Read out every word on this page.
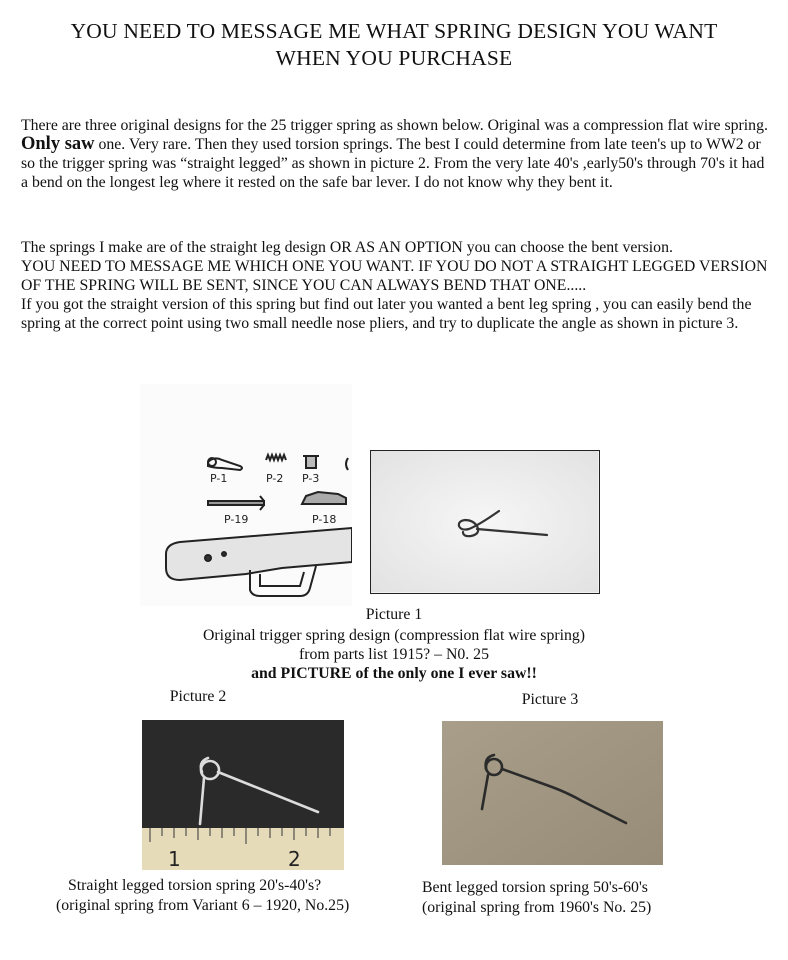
YOU NEED TO MESSAGE ME WHAT SPRING DESIGN YOU WANT
WHEN YOU PURCHASE
There are three original designs for the 25 trigger spring as shown below. Original was a compression flat wire spring. Only saw one. Very rare. Then they used torsion springs. The best I could determine from late teen's up to WW2 or so the trigger spring was “straight legged” as shown in picture 2. From the very late 40's ,early50's through 70's it had a bend on the longest leg where it rested on the safe bar lever. I do not know why they bent it.
The springs I make are of the straight leg design OR AS AN OPTION you can choose the bent version.
YOU NEED TO MESSAGE ME WHICH ONE YOU WANT. IF YOU DO NOT A STRAIGHT LEGGED VERSION OF THE SPRING WILL BE SENT, SINCE YOU CAN ALWAYS BEND THAT ONE.....
If you got the straight version of this spring but find out later you wanted a bent leg spring , you can easily bend the spring at the correct point using two small needle nose pliers, and try to duplicate the angle as shown in picture 3.
P-1	P-2 P-3
P-19	P-18
Picture 1
Original trigger spring design (compression flat wire spring)
from parts list 1915? – N0. 25
and PICTURE of the only one I ever saw!!
Picture 2	Picture 3
1	2
Straight legged torsion spring 20's-40's?
(original spring from Variant 6 – 1920, No.25)
Bent legged torsion spring 50's-60's
(original spring from 1960's No. 25)
